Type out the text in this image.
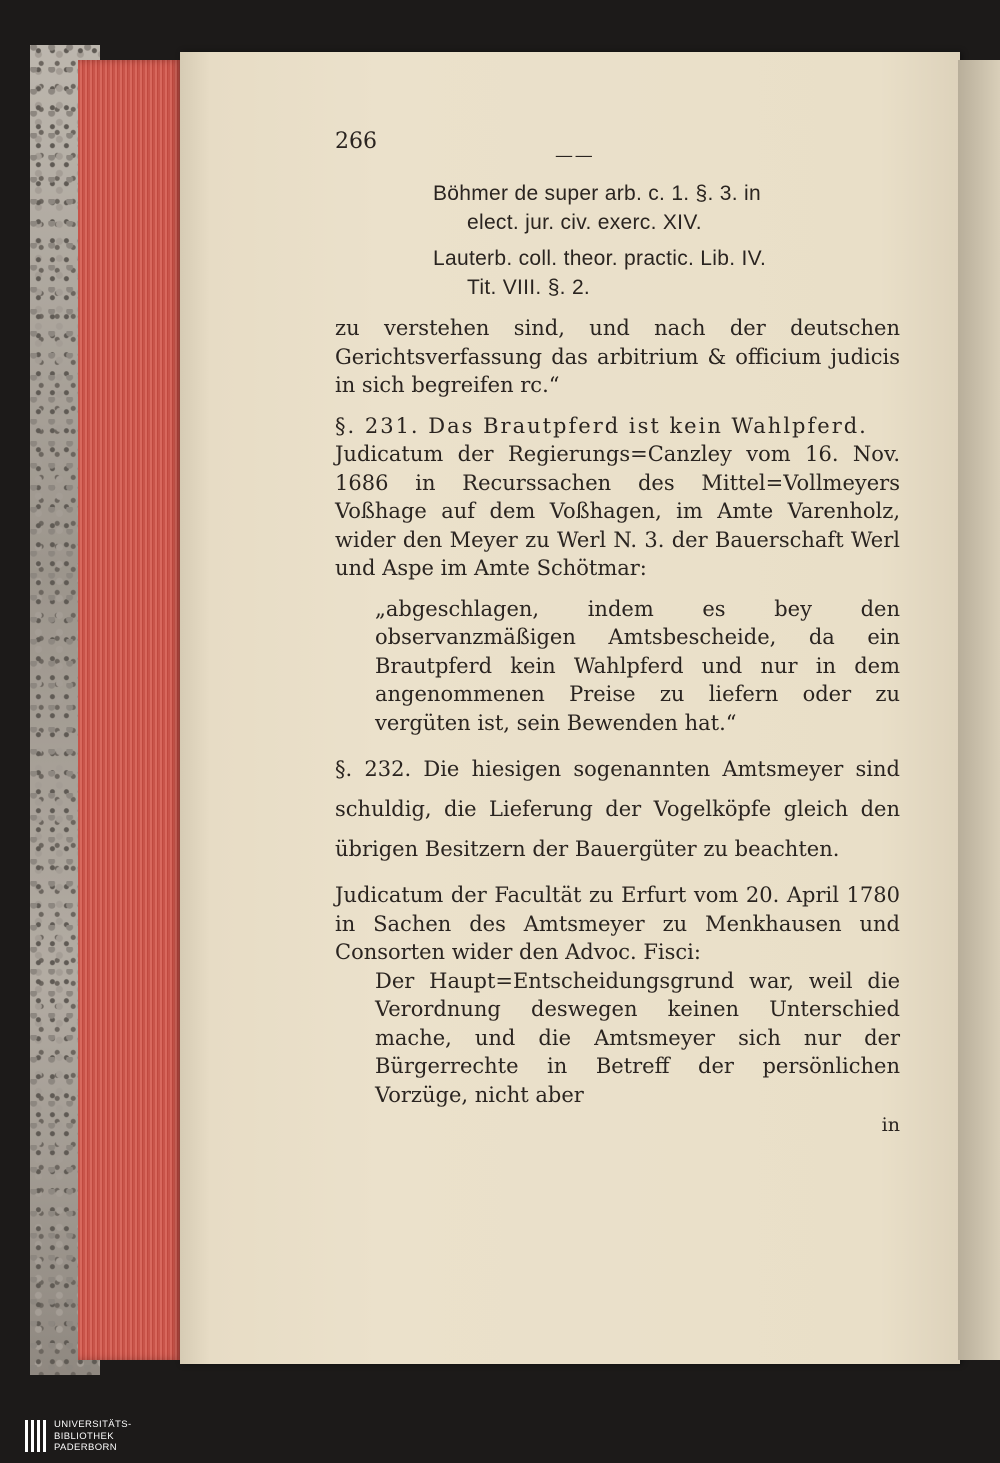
266
— —
Böhmer de super arb. c. 1. §. 3. in
elect. jur. civ. exerc. XIV.
Lauterb. coll. theor. practic. Lib. IV.
Tit. VIII. §. 2.

zu verstehen sind, und nach der deutschen Gerichtsverfassung das arbitrium & officium judicis in sich begreifen rc.“

§. 231. Das Brautpferd ist kein Wahlpferd.

Judicatum der Regierungs=Canzley vom 16. Nov. 1686 in Recurssachen des Mittel=Vollmeyers Voßhage auf dem Voßhagen, im Amte Varenholz, wider den Meyer zu Werl N. 3. der Bauerschaft Werl und Aspe im Amte Schötmar:

„abgeschlagen, indem es bey den observanzmäßigen Amtsbescheide, da ein Brautpferd kein Wahlpferd und nur in dem angenommenen Preise zu liefern oder zu vergüten ist, sein Bewenden hat.“

§. 232. Die hiesigen sogenannten Amtsmeyer sind schuldig, die Lieferung der Vogelköpfe gleich den übrigen Besitzern der Bauergüter zu beachten.

Judicatum der Facultät zu Erfurt vom 20. April 1780 in Sachen des Amtsmeyer zu Menkhausen und Consorten wider den Advoc. Fisci:

Der Haupt=Entscheidungsgrund war, weil die Verordnung deswegen keinen Unterschied mache, und die Amtsmeyer sich nur der Bürgerrechte in Betreff der persönlichen Vorzüge, nicht aber

in
UNIVERSITÄTS-
BIBLIOTHEK
PADERBORN
